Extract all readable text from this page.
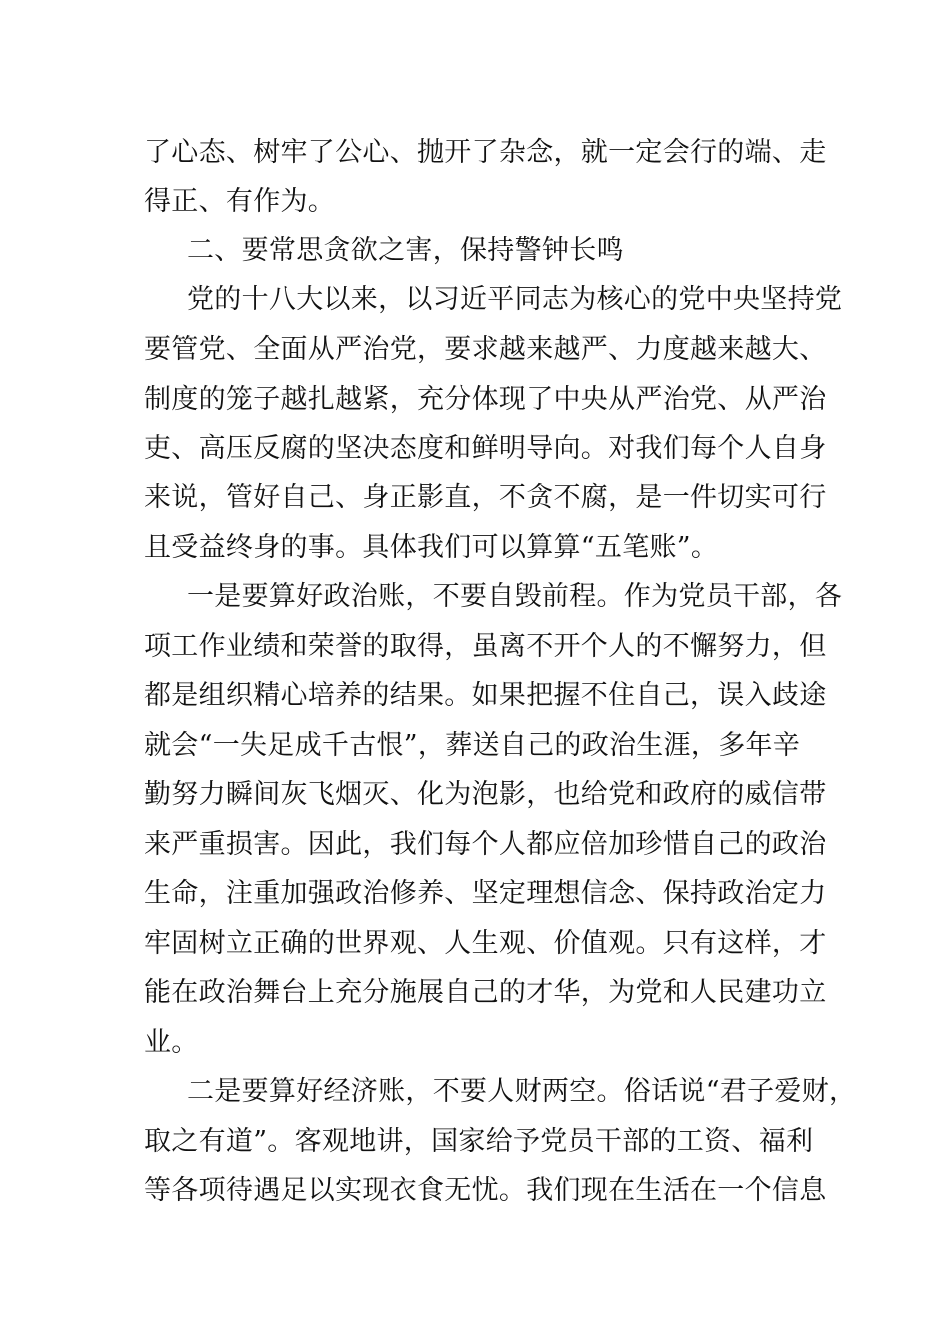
了心态、树牢了公心、抛开了杂念，就一定会行的端、走
得正、有作为。
二、要常思贪欲之害，保持警钟长鸣
党的十八大以来，以习近平同志为核心的党中央坚持党
要管党、全面从严治党，要求越来越严、力度越来越大、
制度的笼子越扎越紧，充分体现了中央从严治党、从严治
吏、高压反腐的坚决态度和鲜明导向。对我们每个人自身
来说，管好自己、身正影直，不贪不腐，是一件切实可行
且受益终身的事。具体我们可以算算“五笔账”。
一是要算好政治账，不要自毁前程。作为党员干部，各
项工作业绩和荣誉的取得，虽离不开个人的不懈努力，但
都是组织精心培养的结果。如果把握不住自己，误入歧途
就会“一失足成千古恨”，葬送自己的政治生涯，多年辛
勤努力瞬间灰飞烟灭、化为泡影，也给党和政府的威信带
来严重损害。因此，我们每个人都应倍加珍惜自己的政治
生命，注重加强政治修养、坚定理想信念、保持政治定力
牢固树立正确的世界观、人生观、价值观。只有这样，才
能在政治舞台上充分施展自己的才华，为党和人民建功立
业。
二是要算好经济账，不要人财两空。俗话说“君子爱财，
取之有道”。客观地讲，国家给予党员干部的工资、福利
等各项待遇足以实现衣食无忧。我们现在生活在一个信息
